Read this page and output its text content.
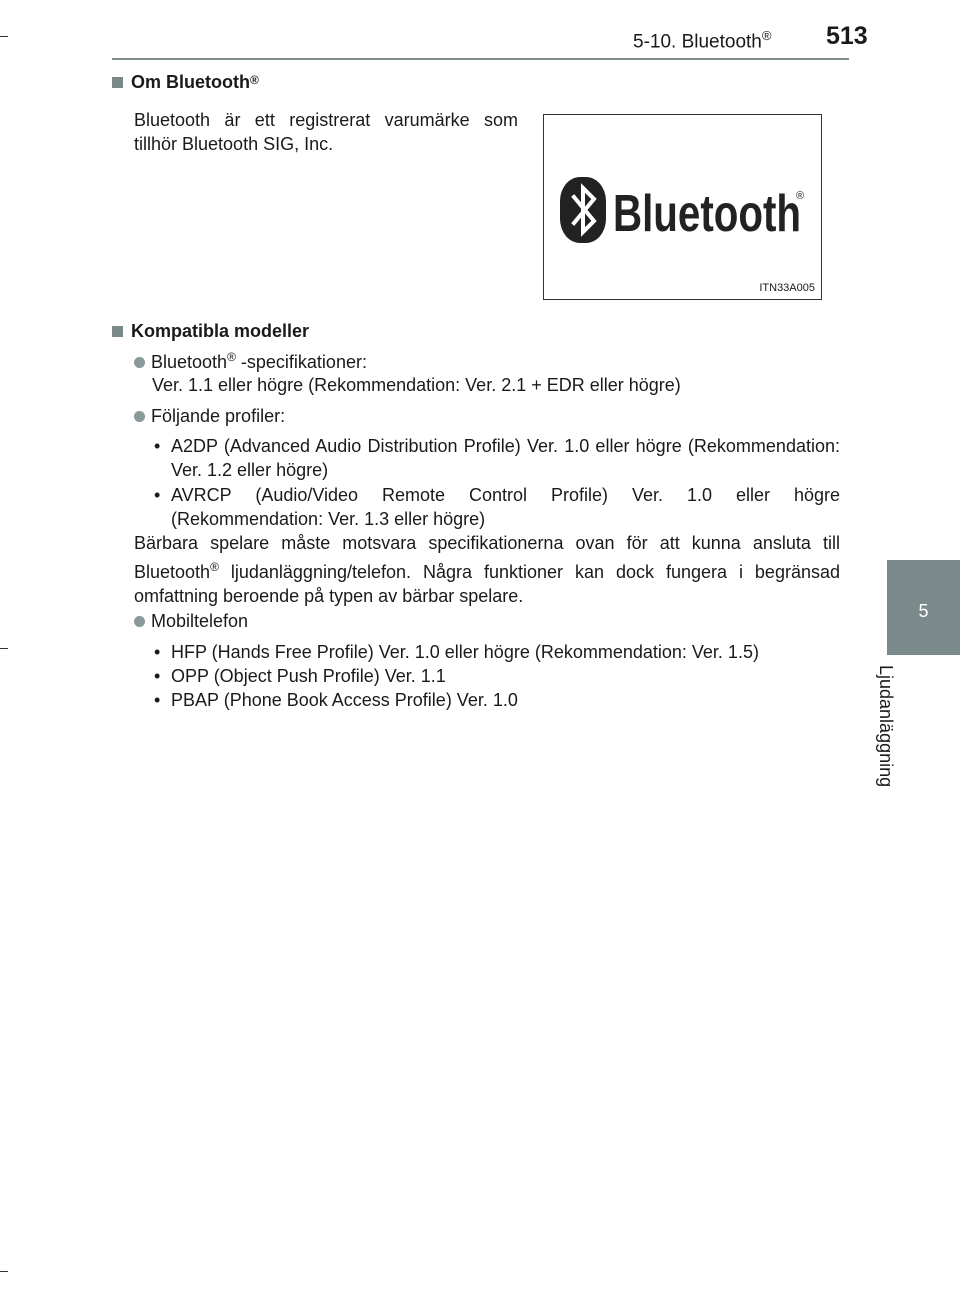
5-10. Bluetooth® 513
5
Ljudanläggning
Om Bluetooth®
Bluetooth är ett registrerat varumärke som tillhör Bluetooth SIG, Inc.
Bluetooth
®
ITN33A005
Kompatibla modeller
Bluetooth® -specifikationer:
Ver. 1.1 eller högre (Rekommendation: Ver. 2.1 + EDR eller högre)
Följande profiler:
• A2DP (Advanced Audio Distribution Profile) Ver. 1.0 eller högre (Rekommendation: Ver. 1.2 eller högre)
• AVRCP (Audio/Video Remote Control Profile) Ver. 1.0 eller högre (Rekommendation: Ver. 1.3 eller högre)
Bärbara spelare måste motsvara specifikationerna ovan för att kunna ansluta till Bluetooth® ljudanläggning/telefon. Några funktioner kan dock fungera i begränsad omfattning beroende på typen av bärbar spelare.
Mobiltelefon
• HFP (Hands Free Profile) Ver. 1.0 eller högre (Rekommendation: Ver. 1.5)
• OPP (Object Push Profile) Ver. 1.1
• PBAP (Phone Book Access Profile) Ver. 1.0
